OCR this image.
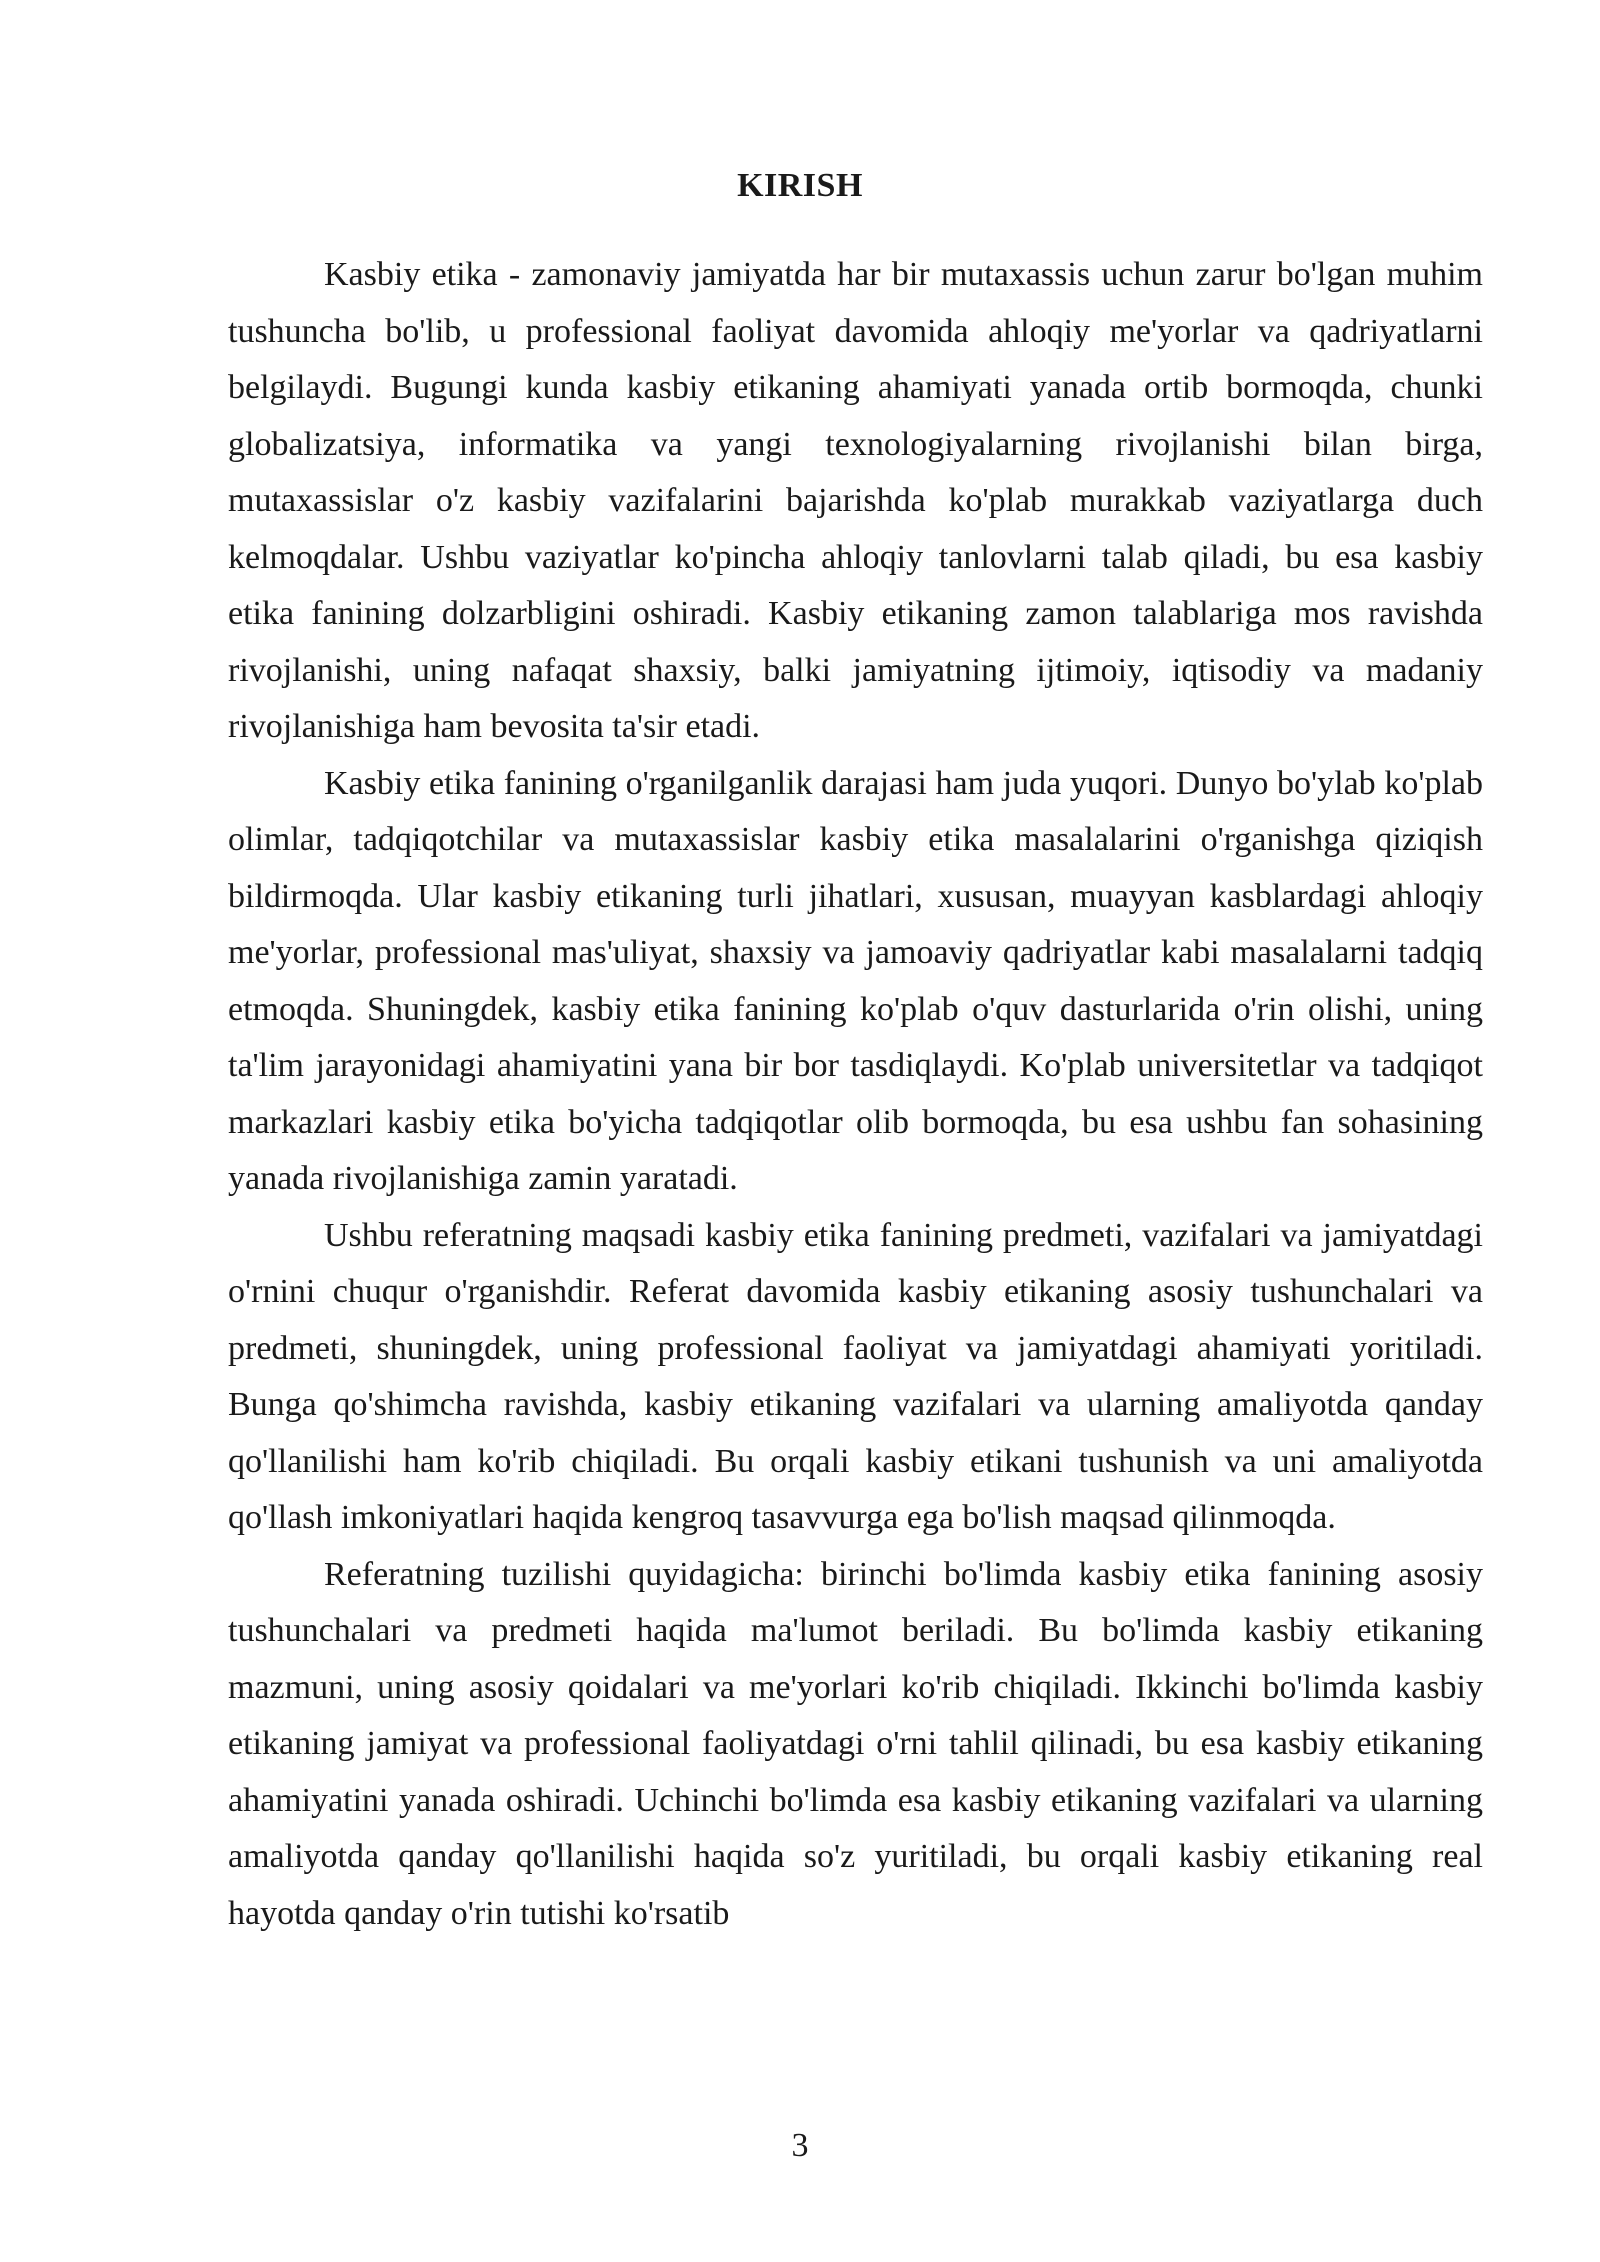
KIRISH

Kasbiy etika - zamonaviy jamiyatda har bir mutaxassis uchun zarur bo'lgan muhim tushuncha bo'lib, u professional faoliyat davomida ahloqiy me'yorlar va qadriyatlarni belgilaydi. Bugungi kunda kasbiy etikaning ahamiyati yanada ortib bormoqda, chunki globalizatsiya, informatika va yangi texnologiyalarning rivojlanishi bilan birga, mutaxassislar o'z kasbiy vazifalarini bajarishda ko'plab murakkab vaziyatlarga duch kelmoqdalar. Ushbu vaziyatlar ko'pincha ahloqiy tanlovlarni talab qiladi, bu esa kasbiy etika fanining dolzarbligini oshiradi. Kasbiy etikaning zamon talablariga mos ravishda rivojlanishi, uning nafaqat shaxsiy, balki jamiyatning ijtimoiy, iqtisodiy va madaniy rivojlanishiga ham bevosita ta'sir etadi.

Kasbiy etika fanining o'rganilganlik darajasi ham juda yuqori. Dunyo bo'ylab ko'plab olimlar, tadqiqotchilar va mutaxassislar kasbiy etika masalalarini o'rganishga qiziqish bildirmoqda. Ular kasbiy etikaning turli jihatlari, xususan, muayyan kasblardagi ahloqiy me'yorlar, professional mas'uliyat, shaxsiy va jamoaviy qadriyatlar kabi masalalarni tadqiq etmoqda. Shuningdek, kasbiy etika fanining ko'plab o'quv dasturlarida o'rin olishi, uning ta'lim jarayonidagi ahamiyatini yana bir bor tasdiqlaydi. Ko'plab universitetlar va tadqiqot markazlari kasbiy etika bo'yicha tadqiqotlar olib bormoqda, bu esa ushbu fan sohasining yanada rivojlanishiga zamin yaratadi.

Ushbu referatning maqsadi kasbiy etika fanining predmeti, vazifalari va jamiyatdagi o'rnini chuqur o'rganishdir. Referat davomida kasbiy etikaning asosiy tushunchalari va predmeti, shuningdek, uning professional faoliyat va jamiyatdagi ahamiyati yoritiladi. Bunga qo'shimcha ravishda, kasbiy etikaning vazifalari va ularning amaliyotda qanday qo'llanilishi ham ko'rib chiqiladi. Bu orqali kasbiy etikani tushunish va uni amaliyotda qo'llash imkoniyatlari haqida kengroq tasavvurga ega bo'lish maqsad qilinmoqda.

Referatning tuzilishi quyidagicha: birinchi bo'limda kasbiy etika fanining asosiy tushunchalari va predmeti haqida ma'lumot beriladi. Bu bo'limda kasbiy etikaning mazmuni, uning asosiy qoidalari va me'yorlari ko'rib chiqiladi. Ikkinchi bo'limda kasbiy etikaning jamiyat va professional faoliyatdagi o'rni tahlil qilinadi, bu esa kasbiy etikaning ahamiyatini yanada oshiradi. Uchinchi bo'limda esa kasbiy etikaning vazifalari va ularning amaliyotda qanday qo'llanilishi haqida so'z yuritiladi, bu orqali kasbiy etikaning real hayotda qanday o'rin tutishi ko'rsatib

3
